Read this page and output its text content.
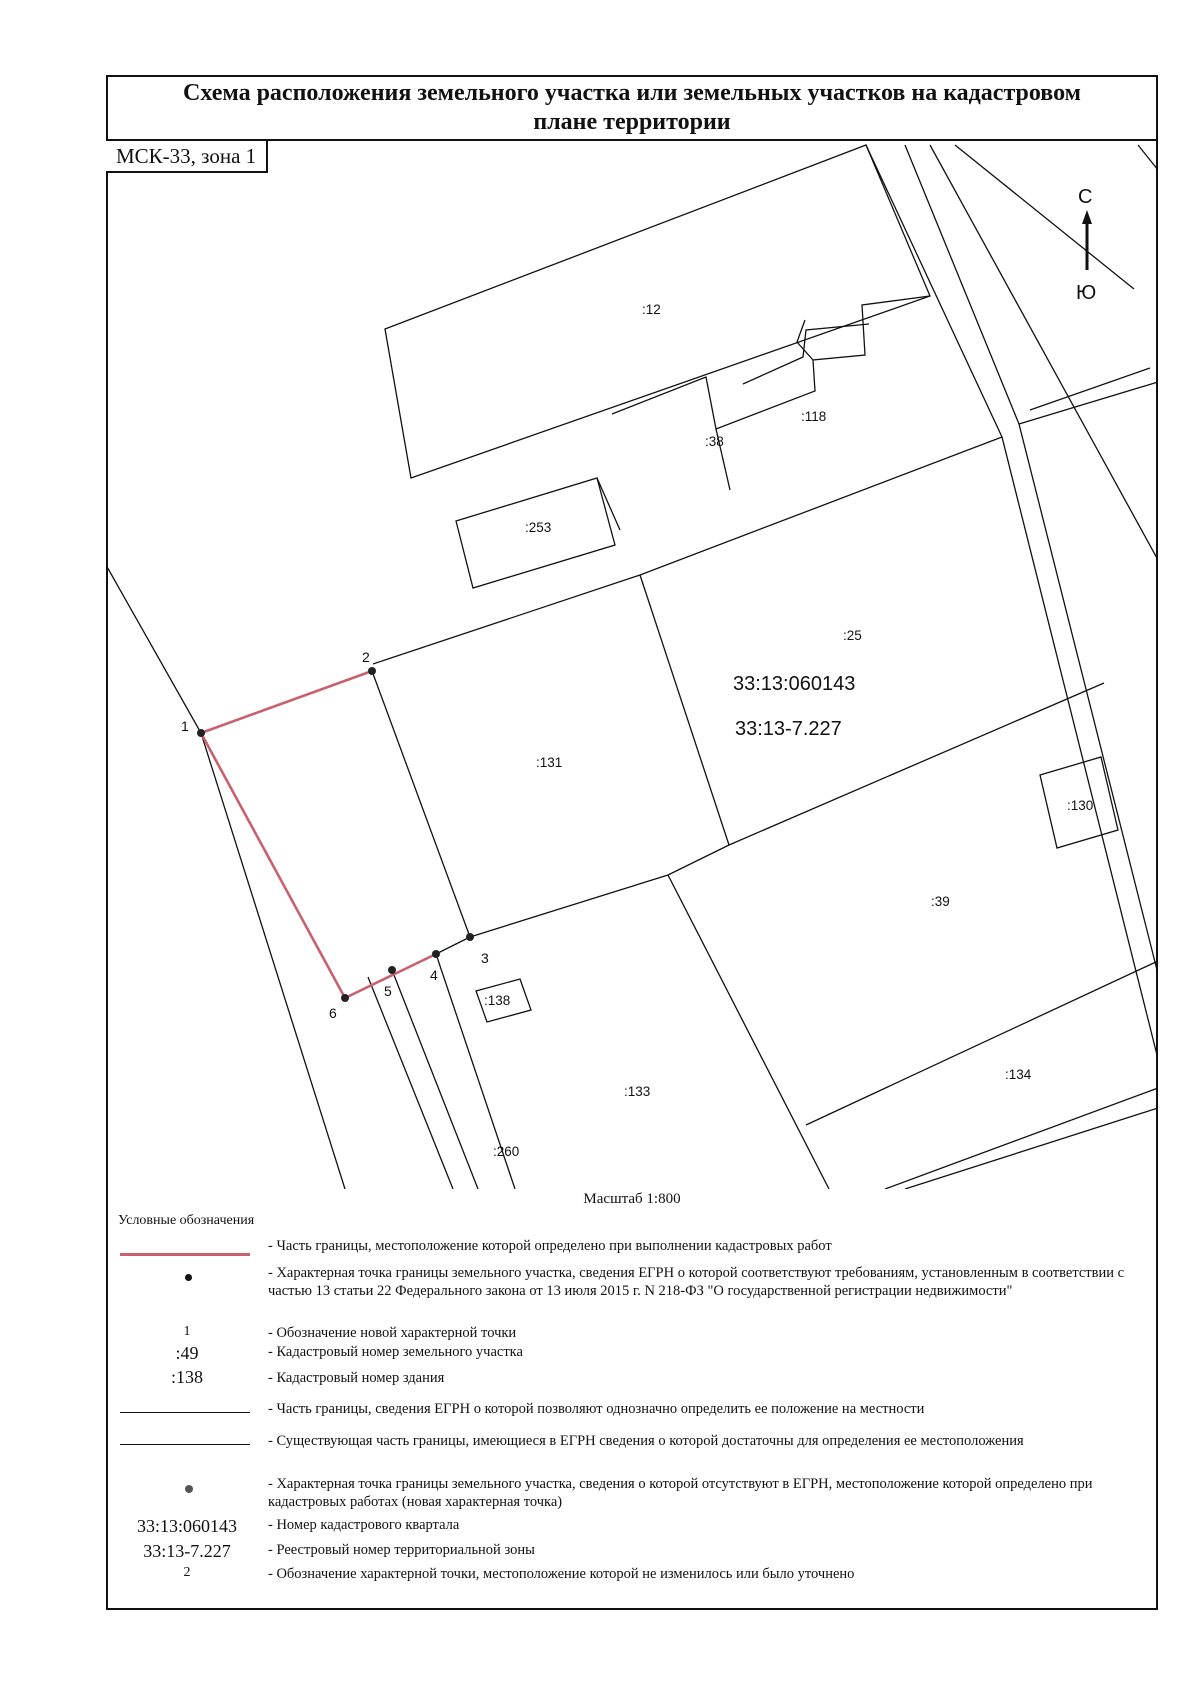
Схема расположения земельного участка или земельных участков на кадастровом
плане территории
МСК-33, зона 1
1
2
3
4
5
6
:12
:118
:38
:253
:25
:131
:130
:39
:138
:133
:134
:260
33:13:060143
33:13-7.227
С
Ю
Масштаб 1:800
Условные обозначения
- Часть границы, местоположение которой определено при выполнении кадастровых работ
- Характерная точка границы земельного участка, сведения ЕГРН о которой соответствуют требованиям, установленным в соответствии с частью 13 статьи 22 Федерального закона от 13 июля 2015 г. N 218-ФЗ "О государственной регистрации недвижимости"
1	- Обозначение новой характерной точки
:49	- Кадастровый номер земельного участка
:138	- Кадастровый номер здания
- Часть границы, сведения ЕГРН о которой позволяют однозначно определить ее положение на местности
- Существующая часть границы, имеющиеся в ЕГРН сведения о которой достаточны для определения ее местоположения
- Характерная точка границы земельного участка, сведения о которой отсутствуют в ЕГРН, местоположение которой определено при кадастровых работах (новая характерная точка)
33:13:060143	- Номер кадастрового квартала
33:13-7.227	- Реестровый номер территориальной зоны
2	- Обозначение характерной точки, местоположение которой не изменилось или было уточнено
